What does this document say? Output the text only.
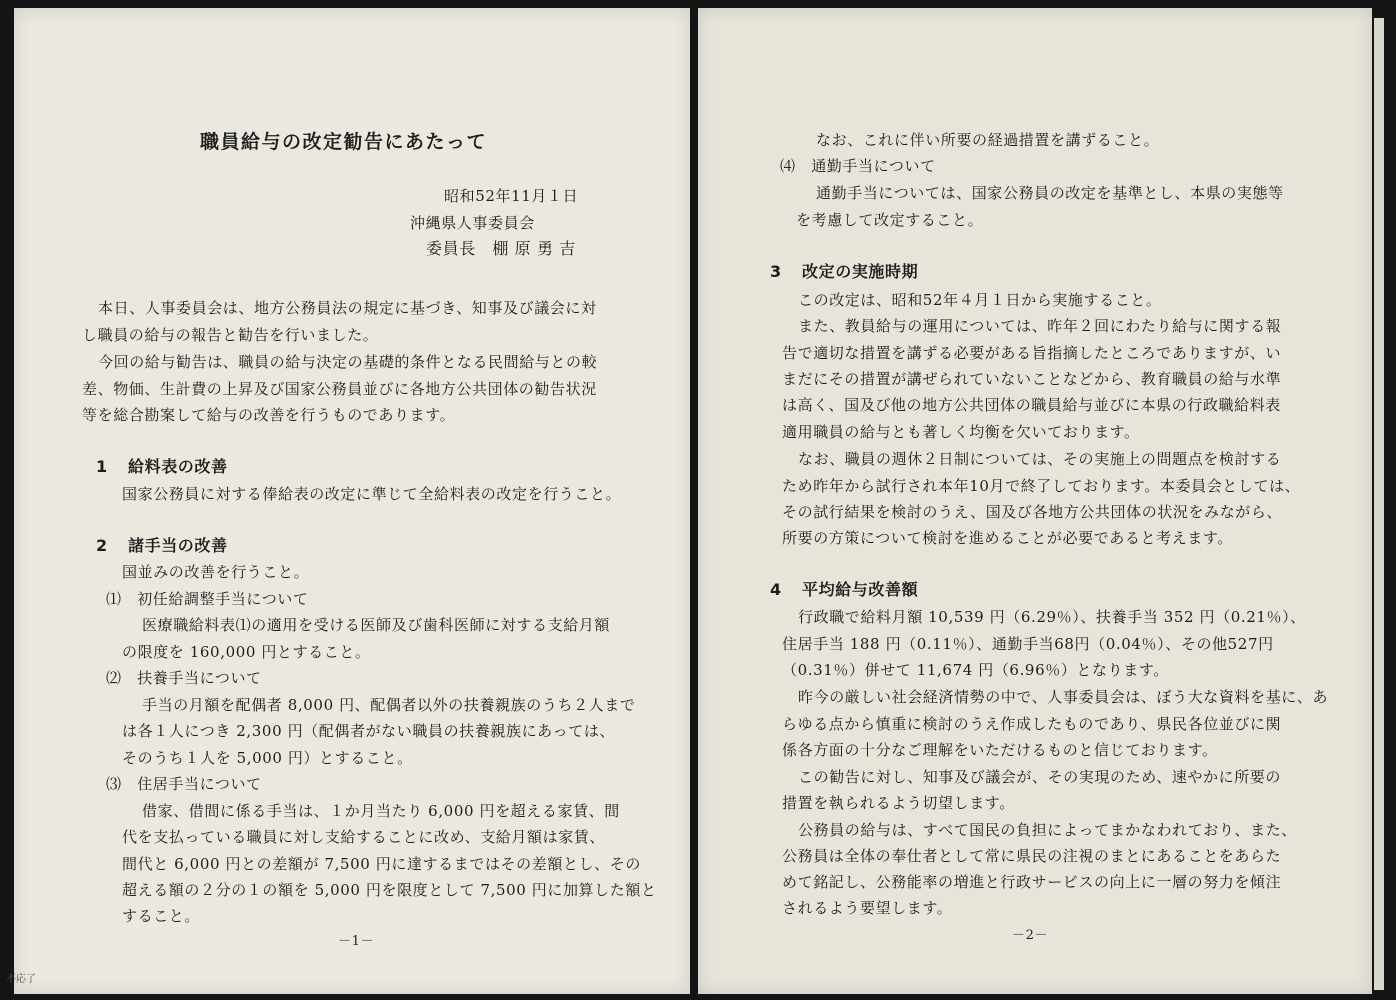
職員給与の改定勧告にあたって
昭和52年11月１日
沖縄県人事委員会
委員長　棚 原 勇 吉
本日、人事委員会は、地方公務員法の規定に基づき、知事及び議会に対
し職員の給与の報告と勧告を行いました。
今回の給与勧告は、職員の給与決定の基礎的条件となる民間給与との較
差、物価、生計費の上昇及び国家公務員並びに各地方公共団体の勧告状況
等を総合勘案して給与の改善を行うものであります。
1 給料表の改善
国家公務員に対する俸給表の改定に準じて全給料表の改定を行うこと。
2 諸手当の改善
国並みの改善を行うこと。
⑴　初任給調整手当について
医療職給料表⑴の適用を受ける医師及び歯科医師に対する支給月額
の限度を 160,000 円とすること。
⑵　扶養手当について
手当の月額を配偶者 8,000 円、配偶者以外の扶養親族のうち２人まで
は各１人につき 2,300 円（配偶者がない職員の扶養親族にあっては、
そのうち１人を 5,000 円）とすること。
⑶　住居手当について
借家、借間に係る手当は、１か月当たり 6,000 円を超える家賃、間
代を支払っている職員に対し支給することに改め、支給月額は家賃、
間代と 6,000 円との差額が 7,500 円に達するまではその差額とし、その
超える額の２分の１の額を 5,000 円を限度として 7,500 円に加算した額と
すること。
－1－
不応了
なお、これに伴い所要の経過措置を講ずること。
⑷　通勤手当について
通勤手当については、国家公務員の改定を基準とし、本県の実態等
を考慮して改定すること。
3 改定の実施時期
この改定は、昭和52年４月１日から実施すること。
また、教員給与の運用については、昨年２回にわたり給与に関する報
告で適切な措置を講ずる必要がある旨指摘したところでありますが、い
まだにその措置が講ぜられていないことなどから、教育職員の給与水準
は高く、国及び他の地方公共団体の職員給与並びに本県の行政職給料表
適用職員の給与とも著しく均衡を欠いております。
なお、職員の週休２日制については、その実施上の問題点を検討する
ため昨年から試行され本年10月で終了しております。本委員会としては、
その試行結果を検討のうえ、国及び各地方公共団体の状況をみながら、
所要の方策について検討を進めることが必要であると考えます。
4 平均給与改善額
行政職で給料月額 10,539 円（6.29％）、扶養手当 352 円（0.21％）、
住居手当 188 円（0.11％）、通勤手当68円（0.04％）、その他527円
（0.31％）併せて 11,674 円（6.96％）となります。
昨今の厳しい社会経済情勢の中で、人事委員会は、ぼう大な資料を基に、あ
らゆる点から慎重に検討のうえ作成したものであり、県民各位並びに関
係各方面の十分なご理解をいただけるものと信じております。
この勧告に対し、知事及び議会が、その実現のため、速やかに所要の
措置を執られるよう切望します。
公務員の給与は、すべて国民の負担によってまかなわれており、また、
公務員は全体の奉仕者として常に県民の注視のまとにあることをあらた
めて銘記し、公務能率の増進と行政サービスの向上に一層の努力を傾注
されるよう要望します。
－2－
